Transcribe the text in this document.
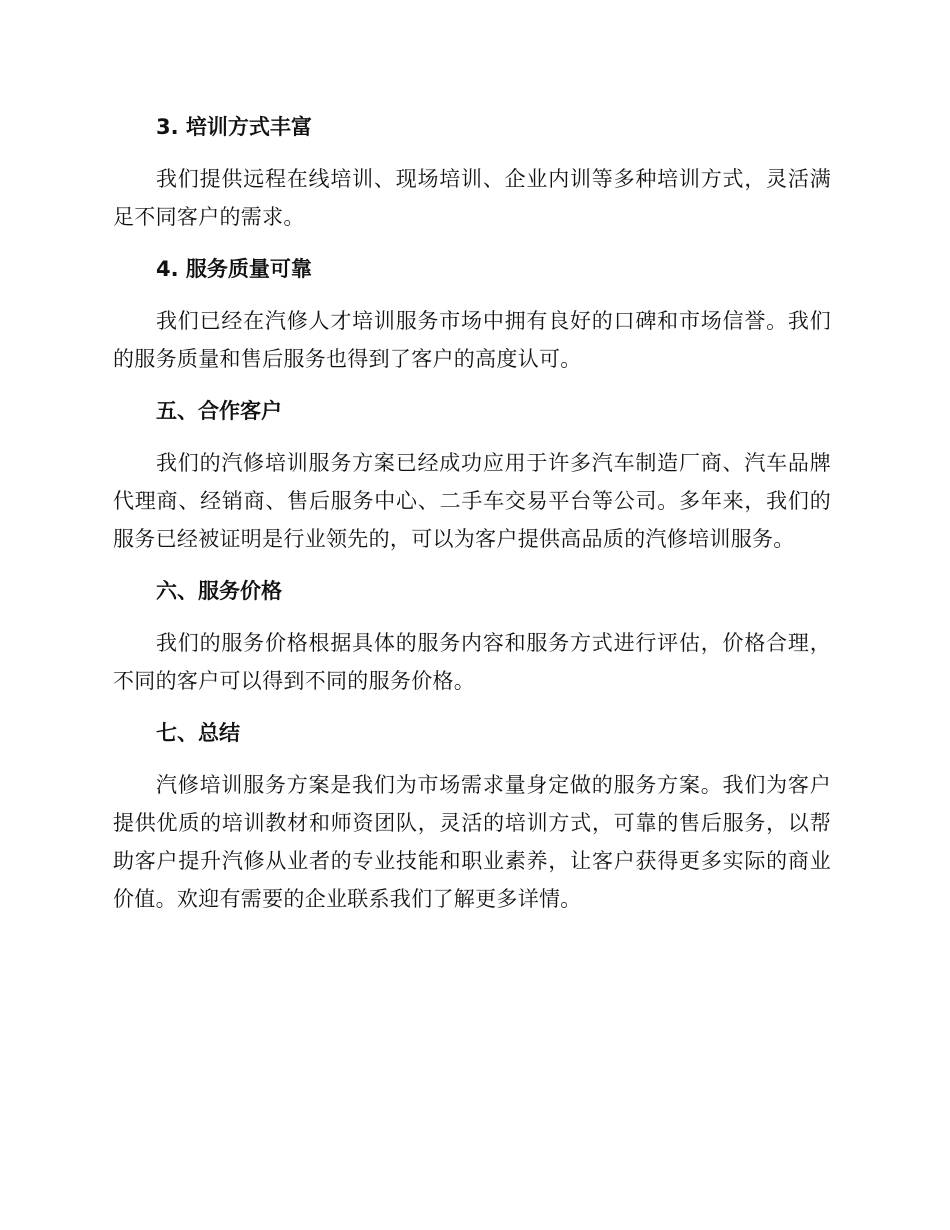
3. 培训方式丰富

我们提供远程在线培训、现场培训、企业内训等多种培训方式，灵活满足不同客户的需求。

4. 服务质量可靠

我们已经在汽修人才培训服务市场中拥有良好的口碑和市场信誉。我们的服务质量和售后服务也得到了客户的高度认可。

五、合作客户

我们的汽修培训服务方案已经成功应用于许多汽车制造厂商、汽车品牌代理商、经销商、售后服务中心、二手车交易平台等公司。多年来，我们的服务已经被证明是行业领先的，可以为客户提供高品质的汽修培训服务。

六、服务价格

我们的服务价格根据具体的服务内容和服务方式进行评估，价格合理，不同的客户可以得到不同的服务价格。

七、总结

汽修培训服务方案是我们为市场需求量身定做的服务方案。我们为客户提供优质的培训教材和师资团队，灵活的培训方式，可靠的售后服务，以帮助客户提升汽修从业者的专业技能和职业素养，让客户获得更多实际的商业价值。欢迎有需要的企业联系我们了解更多详情。
